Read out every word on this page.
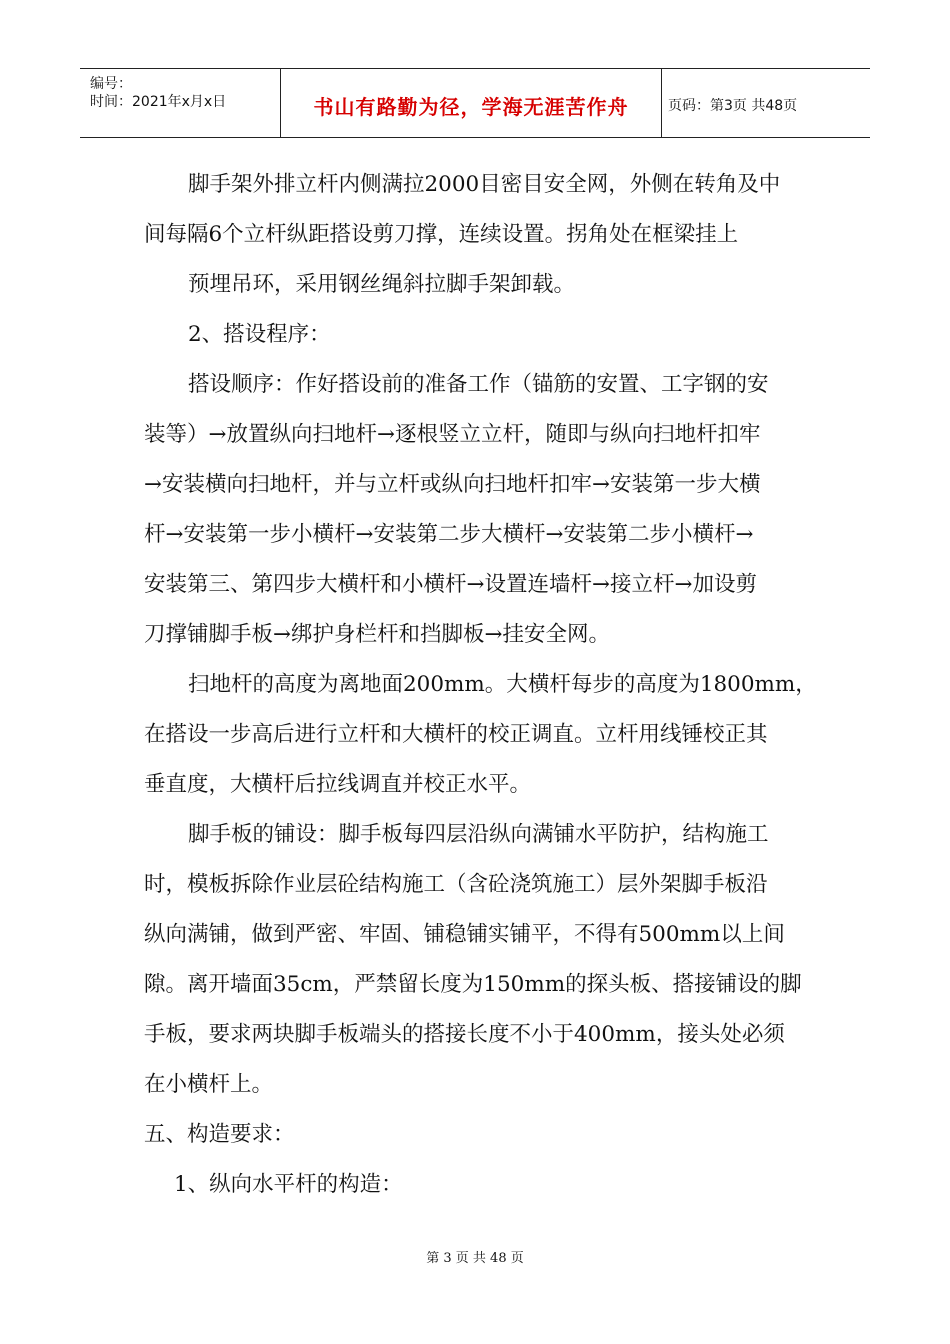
编号：
时间：2021年x月x日	书山有路勤为径，学海无涯苦作舟	页码：第3页 共48页

脚手架外排立杆内侧满拉2000目密目安全网，外侧在转角及中

间每隔6个立杆纵距搭设剪刀撑，连续设置。拐角处在框梁挂上

预埋吊环，采用钢丝绳斜拉脚手架卸载。

2、搭设程序：

搭设顺序：作好搭设前的准备工作（锚筋的安置、工字钢的安

装等）→放置纵向扫地杆→逐根竖立立杆，随即与纵向扫地杆扣牢

→安装横向扫地杆，并与立杆或纵向扫地杆扣牢→安装第一步大横

杆→安装第一步小横杆→安装第二步大横杆→安装第二步小横杆→

安装第三、第四步大横杆和小横杆→设置连墙杆→接立杆→加设剪

刀撑铺脚手板→绑护身栏杆和挡脚板→挂安全网。

扫地杆的高度为离地面200mm。大横杆每步的高度为1800mm，

在搭设一步高后进行立杆和大横杆的校正调直。立杆用线锤校正其

垂直度，大横杆后拉线调直并校正水平。

脚手板的铺设：脚手板每四层沿纵向满铺水平防护，结构施工

时，模板拆除作业层砼结构施工（含砼浇筑施工）层外架脚手板沿

纵向满铺，做到严密、牢固、铺稳铺实铺平，不得有500mm以上间

隙。离开墙面35cm，严禁留长度为150mm的探头板、搭接铺设的脚

手板，要求两块脚手板端头的搭接长度不小于400mm，接头处必须

在小横杆上。

五、构造要求：

1、纵向水平杆的构造：

第 3 页 共 48 页
